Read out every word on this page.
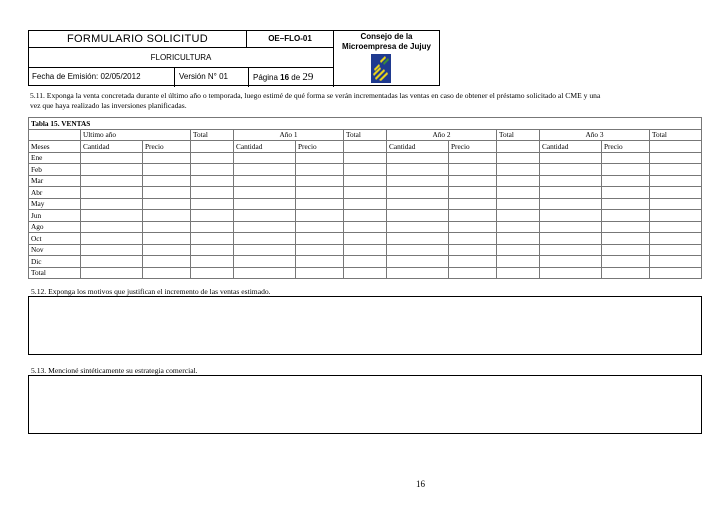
FORMULARIO SOLICITUD	OE–FLO-01
FLORICULTURA
Fecha de Emisión: 02/05/2012	Versión N° 01	Página 16 de 29
Consejo de la
Microempresa de Jujuy
5.11. Exponga la venta concretada durante el último año o temporada, luego estimé de qué forma se verán incrementadas las ventas en caso de obtener el préstamo solicitado al CME y una
vez que haya realizado las inversiones planificadas.
Tabla 15. VENTAS												
	Ultimo año		Total	Año 1		Total	Año 2		Total	Año 3		Total
Meses	Cantidad	Precio		Cantidad	Precio		Cantidad	Precio		Cantidad	Precio	
Ene												
Feb												
Mar												
Abr												
May												
Jun												
Ago												
Oct												
Nov												
Dic												
Total												
5.12. Exponga los motivos que justifican el incremento de las ventas estimado.
5.13. Mencioné sintéticamente su estrategia comercial.
16
